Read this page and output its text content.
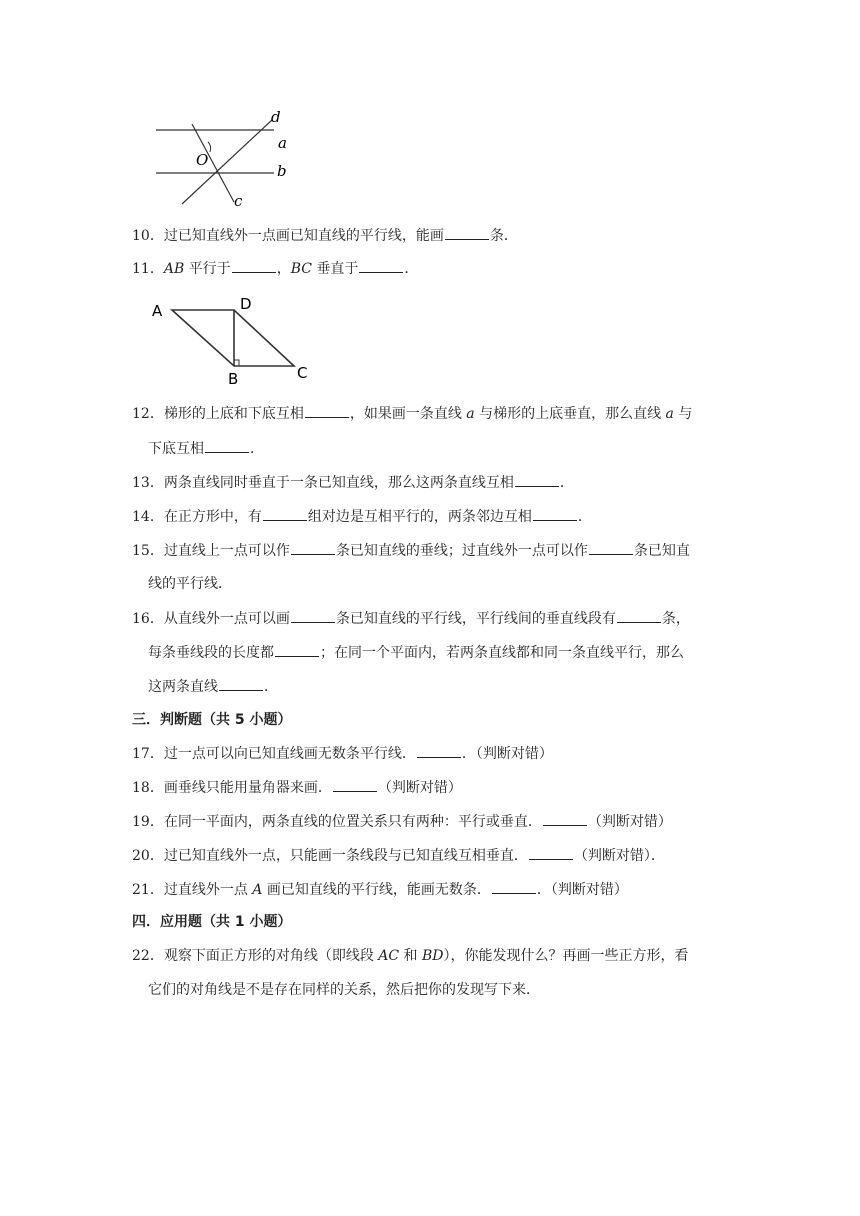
d
a
b
c
O
10．过已知直线外一点画已知直线的平行线，能画	条．
11．AB 平行于	，BC 垂直于	．
A	D
B	C
12．梯形的上底和下底互相	，如果画一条直线 a 与梯形的上底垂直，那么直线 a 与
下底互相	．
13．两条直线同时垂直于一条已知直线，那么这两条直线互相	．
14．在正方形中，有	组对边是互相平行的，两条邻边互相	．
15．过直线上一点可以作	条已知直线的垂线；过直线外一点可以作	条已知直
线的平行线．
16．从直线外一点可以画	条已知直线的平行线，平行线间的垂直线段有	条，
每条垂线段的长度都	；在同一个平面内，若两条直线都和同一条直线平行，那么
这两条直线	．
三．判断题（共 5 小题）
17．过一点可以向已知直线画无数条平行线．	．（判断对错）
18．画垂线只能用量角器来画．	（判断对错）
19．在同一平面内，两条直线的位置关系只有两种：平行或垂直．	（判断对错）
20．过已知直线外一点，只能画一条线段与已知直线互相垂直．	（判断对错）．
21．过直线外一点 A 画已知直线的平行线，能画无数条．	．（判断对错）
四．应用题（共 1 小题）
22．观察下面正方形的对角线（即线段 AC 和 BD），你能发现什么？再画一些正方形，看
它们的对角线是不是存在同样的关系，然后把你的发现写下来．
